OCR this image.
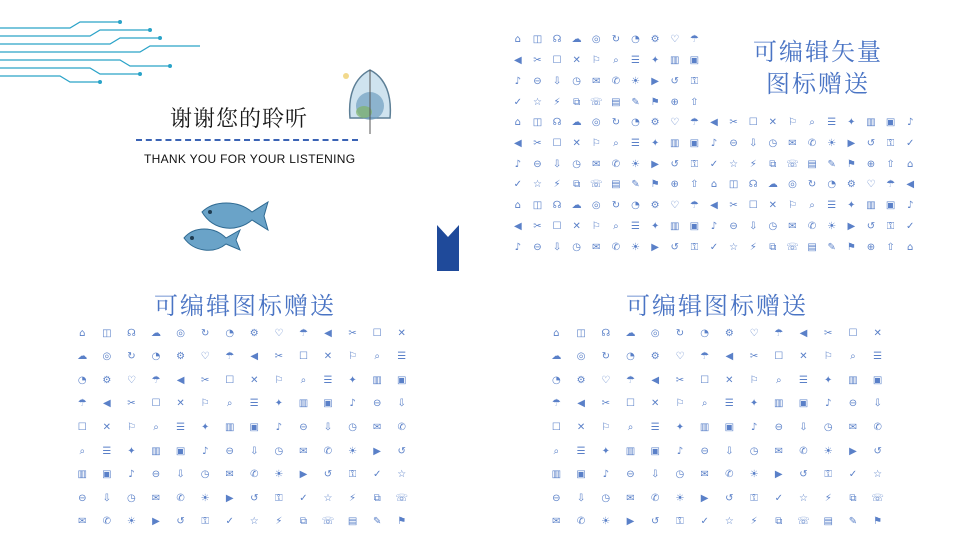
谢谢您的聆听
THANK YOU FOR YOUR LISTENING
⌂	◫	☊	☁	◎	↻	◔	⚙	♡	☂
◀	✂	☐	✕	⚐	⌕	☰	✦	▥	▣
♪	⊖	⇩	◷	✉	✆	☀	▶	↺	⚿
✓	☆	⚡	⧉ ☏ ▤	✎	⚑	⊕	⇧
⌂	◫	☊	☁	◎	↻	◔	⚙	♡	☂	◀	✂	☐	✕	⚐	⌕	☰	✦	▥	▣	♪
◀	✂	☐	✕	⚐	⌕	☰	✦	▥	▣	♪	⊖	⇩	◷	✉	✆	☀	▶	↺	⚿	✓
♪	⊖	⇩	◷	✉	✆	☀	▶	↺	⚿	✓	☆	⚡	⧉ ☏ ▤	✎	⚑	⊕	⇧	⌂
✓	☆	⚡	⧉ ☏ ▤	✎	⚑	⊕	⇧	⌂	◫	☊	☁	◎	↻	◔	⚙	♡	☂	◀
⌂	◫	☊	☁	◎	↻	◔	⚙	♡	☂	◀	✂	☐	✕	⚐	⌕	☰	✦	▥	▣	♪
◀	✂	☐	✕	⚐	⌕	☰	✦	▥	▣	♪	⊖	⇩	◷	✉	✆	☀	▶	↺	⚿	✓
♪	⊖	⇩	◷	✉	✆	☀	▶	↺	⚿	✓	☆	⚡	⧉ ☏ ▤	✎	⚑	⊕	⇧	⌂
可编辑矢量
图标赠送
可编辑图标赠送
⌂	◫	☊	☁	◎	↻	◔	⚙	♡	☂	◀	✂	☐	✕
☁	◎	↻	◔	⚙	♡	☂	◀	✂	☐	✕	⚐	⌕	☰
◔	⚙	♡	☂	◀	✂	☐	✕	⚐	⌕	☰	✦	▥	▣
☂	◀	✂	☐	✕	⚐	⌕	☰	✦	▥	▣	♪	⊖	⇩
☐	✕	⚐	⌕	☰	✦	▥	▣	♪	⊖	⇩	◷	✉	✆
⌕	☰	✦	▥	▣	♪	⊖	⇩	◷	✉	✆	☀	▶	↺
▥	▣	♪	⊖	⇩	◷	✉	✆	☀	▶	↺	⚿	✓	☆
⊖	⇩	◷	✉	✆	☀	▶	↺	⚿	✓	☆	⚡	⧉	☏
✉	✆	☀	▶	↺	⚿	✓	☆	⚡	⧉	☏	▤	✎	⚑
可编辑图标赠送
⌂	◫	☊	☁	◎	↻	◔	⚙	♡	☂	◀	✂	☐	✕
☁	◎	↻	◔	⚙	♡	☂	◀	✂	☐	✕	⚐	⌕	☰
◔	⚙	♡	☂	◀	✂	☐	✕	⚐	⌕	☰	✦	▥	▣
☂	◀	✂	☐	✕	⚐	⌕	☰	✦	▥	▣	♪	⊖	⇩
☐	✕	⚐	⌕	☰	✦	▥	▣	♪	⊖	⇩	◷	✉	✆
⌕	☰	✦	▥	▣	♪	⊖	⇩	◷	✉	✆	☀	▶	↺
▥	▣	♪	⊖	⇩	◷	✉	✆	☀	▶	↺	⚿	✓	☆
⊖	⇩	◷	✉	✆	☀	▶	↺	⚿	✓	☆	⚡	⧉	☏
✉	✆	☀	▶	↺	⚿	✓	☆	⚡	⧉	☏	▤	✎	⚑
